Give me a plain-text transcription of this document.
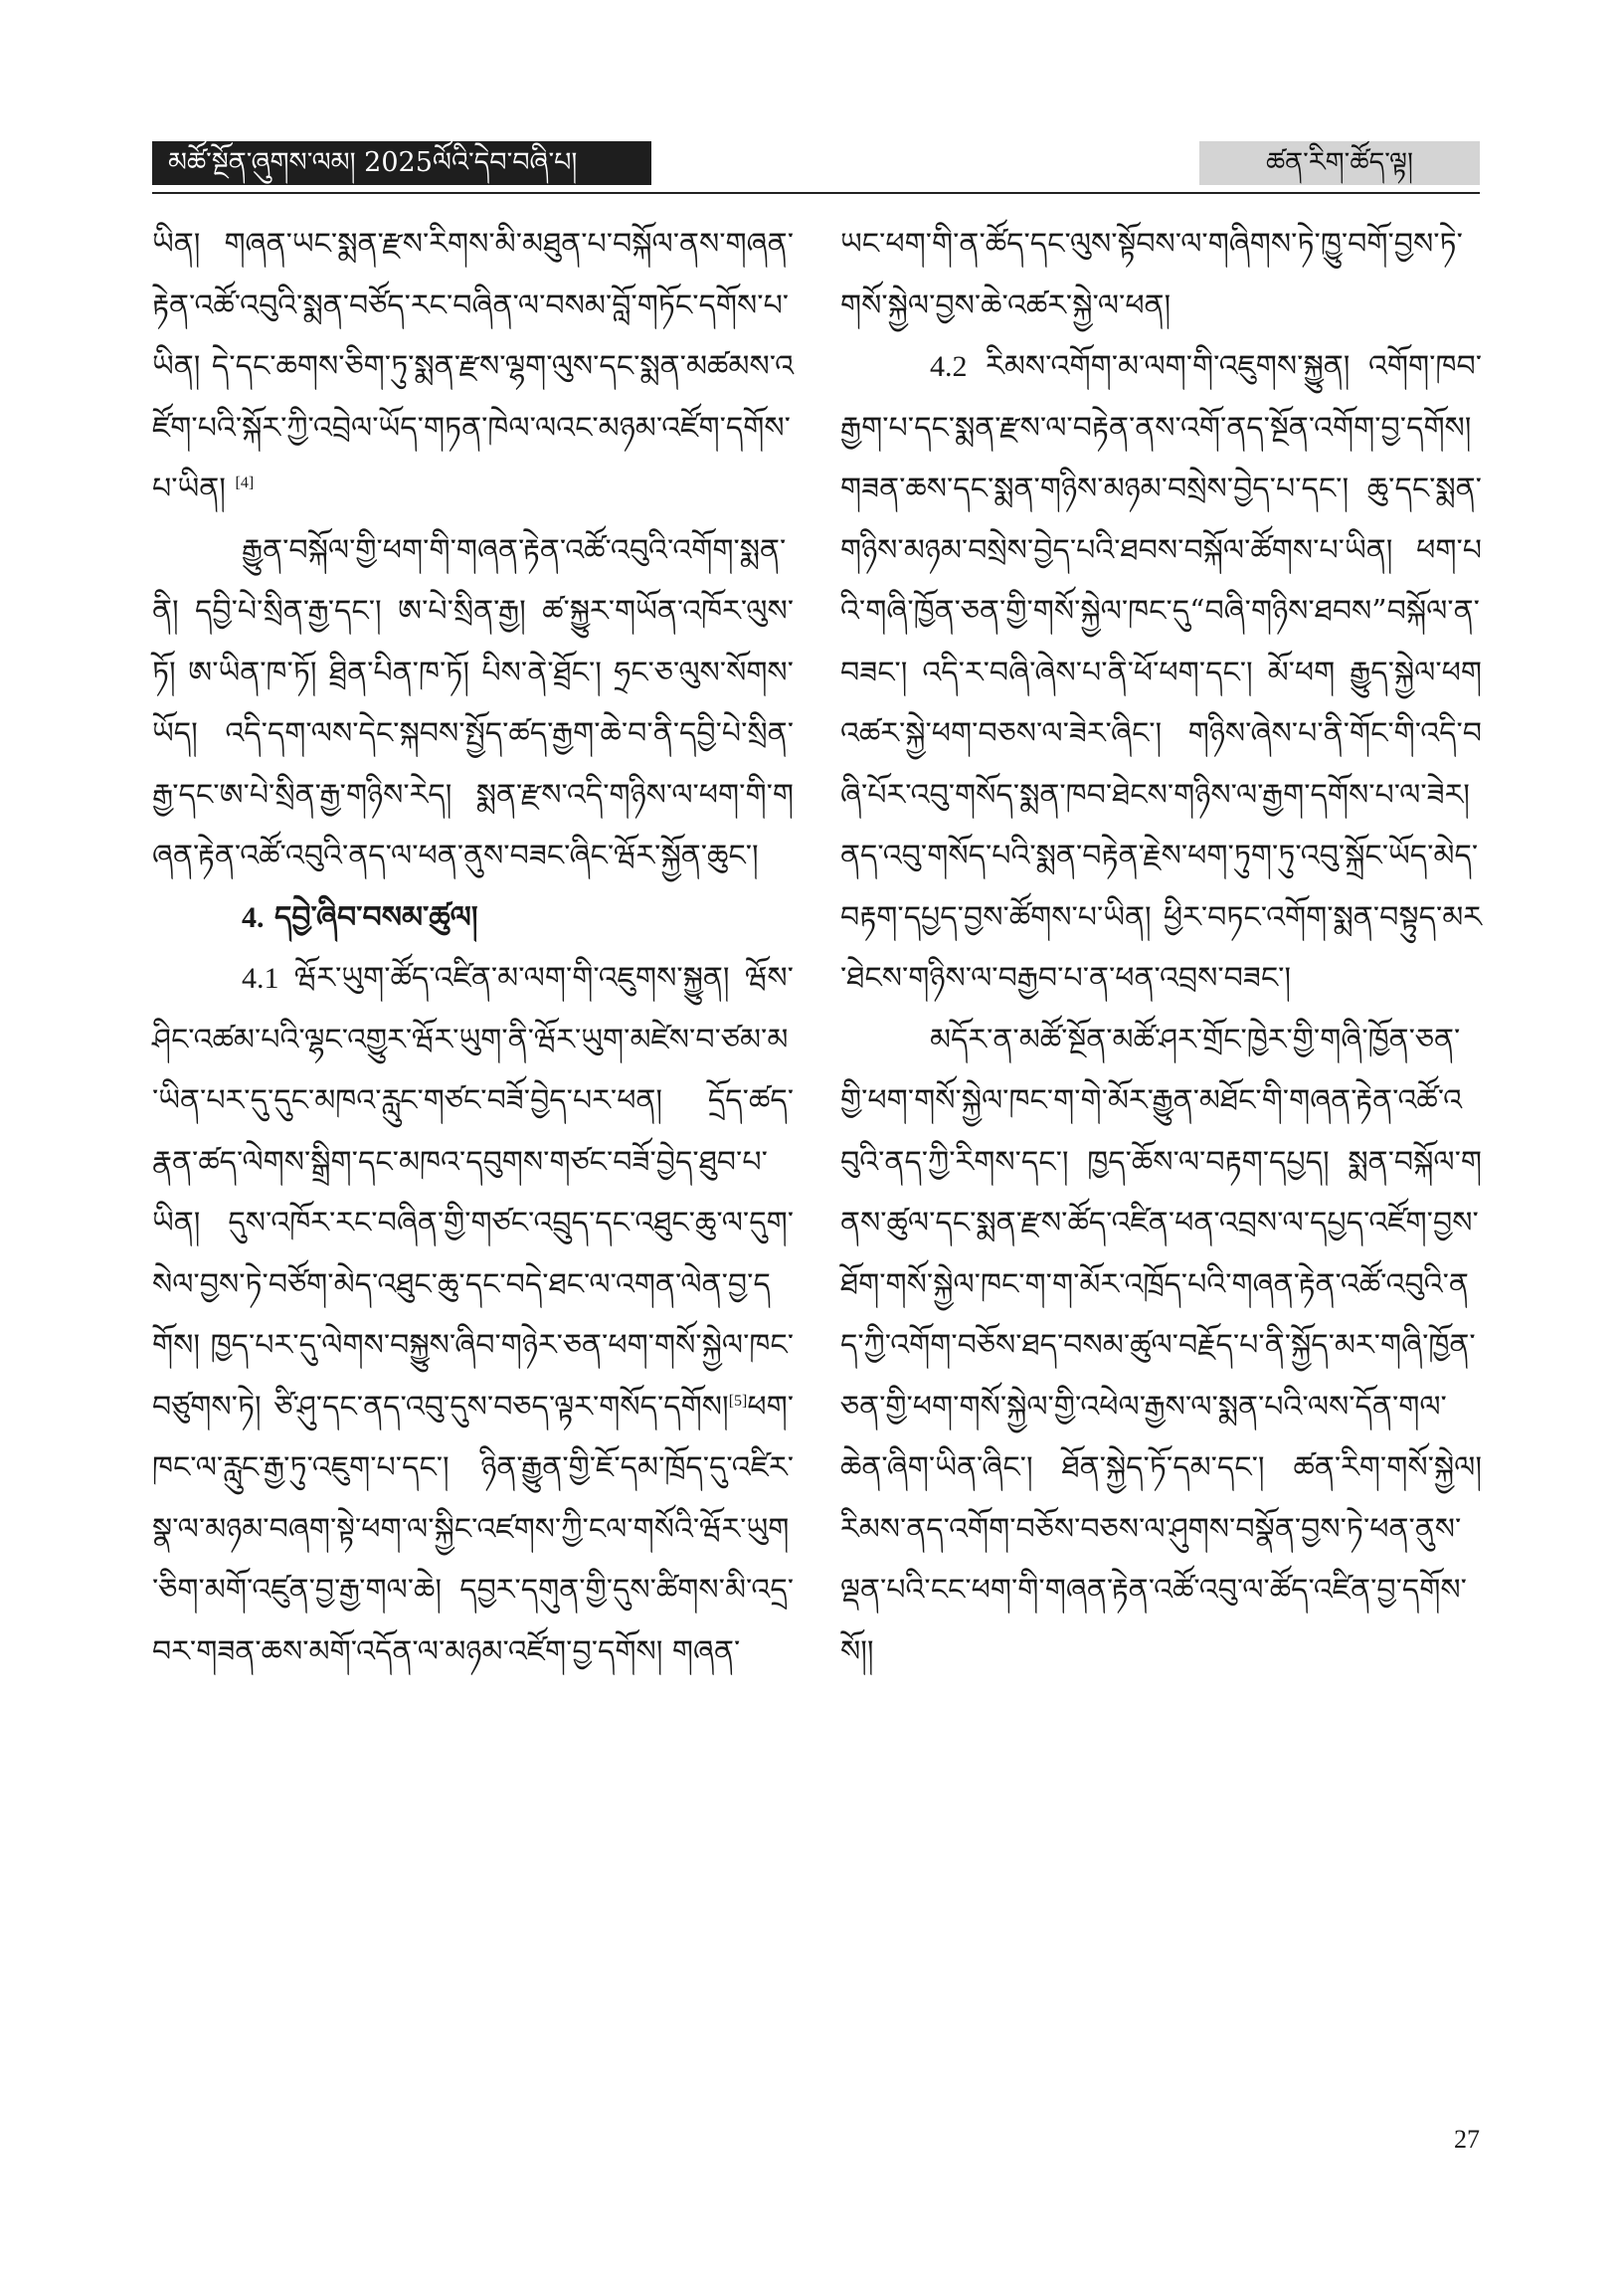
མཚོ་སྔོན་ཞུགས་ལམ། 2025ལོའི་དེབ་བཞི་པ།	ཚན་རིག་ཚོད་ལྟ།

ཡིན། གཞན་ཡང་སྨན་རྫས་རིགས་མི་མཐུན་པ་བསྐོལ་ནས་གཞན་རྟེན་འཚོ་འབུའི་སྨན་བཙོད་རང་བཞིན་ལ་བསམ་བློ་གཏོང་དགོས་པ་ཡིན། དེ་དང་ཆགས་ཅིག་ཏུ་སྨན་རྫས་ལྷག་ལུས་དང་སྨན་མཚམས་འཛོག་པའི་སྐོར་ཀྱི་འབྲེལ་ཡོད་གཏན་ཁེལ་ལའང་མཉམ་འཛོག་དགོས་པ་ཡིན། [4]

རྒྱུན་བསྐོལ་གྱི་ཕག་གི་གཞན་རྟེན་འཚོ་འབུའི་འགོག་སྨན་ནི། དབྱི་པེ་སྲིན་རྒྱ་དང་། ཨ་པེ་སྲིན་རྒྱ། ཚ་སྐྱུར་གཡོན་འཁོར་ལུས་ཏོ། ཨ་ཡིན་ཁ་ཏོ། ཐྲིན་པིན་ཁ་ཏོ། པིས་ནེ་ཐྲོང་། ཧྲང་ཅ་ལུས་སོགས་ཡོད། འདི་དག་ལས་དེང་སྐབས་སྤྱོད་ཚད་རྒྱག་ཆེ་བ་ནི་དབྱི་པེ་སྲིན་རྒྱ་དང་ཨ་པེ་སྲིན་རྒྱ་གཉིས་རེད། སྨན་རྫས་འདི་གཉིས་ལ་ཕག་གི་གཞན་རྟེན་འཚོ་འབུའི་ནད་ལ་ཕན་ནུས་བཟང་ཞིང་ཝོར་སྐྱོན་ཆུང་།

4. དབྱེ་ཞིབ་བསམ་ཚུལ།

4.1 ཝོར་ཡུག་ཚོད་འཛིན་མ་ལག་གི་འཇུགས་སྐྱུན། ཝོས་ཤིང་འཚམ་པའི་ལྷང་འགྱུར་ཝོར་ཡུག་ནི་ཝོར་ཡུག་མཛེས་བ་ཙམ་མ་ཡིན་པར་དུ་དུང་མཁའ་རླུང་གཙང་བཟོ་བྱེད་པར་ཕན། དྲོད་ཚད་རྣན་ཚད་ལེགས་སྒྲིག་དང་མཁའ་དབུགས་གཙང་བཟོ་བྱེད་ཐུབ་པ་ཡིན། དུས་འཁོར་རང་བཞིན་གྱི་གཙང་འབྲུད་དང་འཐུང་ཆུ་ལ་དུག་སེལ་བྱས་ཏེ་བཙོག་མེད་འཐུང་ཆུ་དང་བདེ་ཐང་ལ་འགན་ལེན་བྱ་དགོས། ཁྱད་པར་དུ་ལེགས་བསྐྱུས་ཞིབ་གཉེར་ཅན་ཕག་གསོ་སྐྱེལ་ཁང་བཙུགས་ཏེ། ཙི་ཤུ་དང་ནད་འབུ་དུས་བཅད་ལྟར་གསོད་དགོས།[5]ཕག་ཁང་ལ་རླུང་རྒྱ་ཏུ་འཇུག་པ་དང་། ཉིན་རྒྱུན་གྱི་ཇོ་དམ་ཁྲོད་དུ་འཛིར་སྣ་ལ་མཉམ་བཞག་སྟེ་ཕག་ལ་སྐྱིང་འཛགས་ཀྱི་ངལ་གསོའི་ཝོར་ཡུག་ཅིག་མགོ་འཛུན་བྱ་རྒྱ་གལ་ཆེ། དབྱར་དགུན་གྱི་དུས་ཚིགས་མི་འདྲ་བར་གཟན་ཆས་མགོ་འདོན་ལ་མཉམ་འཛོག་བྱ་དགོས། གཞན་

ཡང་ཕག་གི་ན་ཚོད་དང་ལུས་སྟོབས་ལ་གཞིགས་ཏེ་ཁྱུ་བགོ་བྱས་ཏེ་གསོ་སྐྱེལ་བྱས་ཆེ་འཚར་སྐྱེ་ལ་ཕན།

4.2 རིམས་འགོག་མ་ལག་གི་འཇུགས་སྐྱུན། འགོག་ཁབ་རྒྱག་པ་དང་སྨན་རྫས་ལ་བརྟེན་ནས་འགོ་ནད་སྔོན་འགོག་བྱ་དགོས། གཟན་ཆས་དང་སྨན་གཉིས་མཉམ་བསྲེས་བྱེད་པ་དང་། ཆུ་དང་སྨན་གཉིས་མཉམ་བསྲེས་བྱེད་པའི་ཐབས་བསྐོལ་ཚོགས་པ་ཡིན། ཕག་པའི་གཞི་ཁྱོན་ཅན་གྱི་གསོ་སྐྱེལ་ཁང་དུ“བཞི་གཉིས་ཐབས”བསྐོལ་ན་བཟང་། འདི་ར་བཞི་ཞེས་པ་ནི་ཕོ་ཕག་དང་། མོ་ཕག རྒྱུད་སྐྱེལ་ཕག འཚར་སྐྱེ་ཕག་བཅས་ལ་ཟེར་ཞིང་། གཉིས་ཞེས་པ་ནི་གོང་གི་འདི་བཞི་པོར་འབུ་གསོད་སྨན་ཁབ་ཐེངས་གཉིས་ལ་རྒྱག་དགོས་པ་ལ་ཟེར། ནད་འབུ་གསོད་པའི་སྨན་བརྟེན་རྗེས་ཕག་ཏུག་ཏུ་འབུ་སྐྲོང་ཡོད་མེད་བརྟག་དཔྱད་བྱས་ཚོགས་པ་ཡིན། ཕྱིར་བཏང་འགོག་སྨན་བསྟུད་མར་ཐེངས་གཉིས་ལ་བརྒྱབ་པ་ན་ཕན་འབྲས་བཟང་།

མདོར་ན་མཚོ་སྔོན་མཚོ་ཤར་གྲོང་ཁྱེར་གྱི་གཞི་ཁྱོན་ཅན་གྱི་ཕག་གསོ་སྐྱེལ་ཁང་ག་གེ་མོར་རྒྱུན་མཐོང་གི་གཞན་རྟེན་འཚོ་འབུའི་ནད་ཀྱི་རིགས་དང་། ཁྱད་ཆོས་ལ་བརྟག་དཔྱད། སྨན་བསྐོལ་གནས་ཚུལ་དང་སྨན་རྫས་ཚོད་འཛིན་ཕན་འབྲས་ལ་དཔྱད་འཛོག་བྱས་ཐོག་གསོ་སྐྱེལ་ཁང་ག་ག་མོར་འཁྲོད་པའི་གཞན་རྟེན་འཚོ་འབུའི་ནད་ཀྱི་འགོག་བཅོས་ཐད་བསམ་ཚུལ་བརྗོད་པ་ནི་སྐྱོད་མར་གཞི་ཁྱོན་ཅན་གྱི་ཕག་གསོ་སྐྱེལ་གྱི་འཕེལ་རྒྱས་ལ་སྨན་པའི་ལས་དོན་གལ་ཆེན་ཞིག་ཡིན་ཞིང་། ཐོན་སྐྱེད་ཏོ་དམ་དང་། ཚན་རིག་གསོ་སྐྱེལ། རིམས་ནད་འགོག་བཅོས་བཅས་ལ་ཤུགས་བསྣོན་བྱས་ཏེ་ཕན་ནུས་ལྡན་པའི་ངང་ཕག་གི་གཞན་རྟེན་འཚོ་འབུ་ལ་ཚོད་འཛིན་བྱ་དགོས་སོ།།

27
